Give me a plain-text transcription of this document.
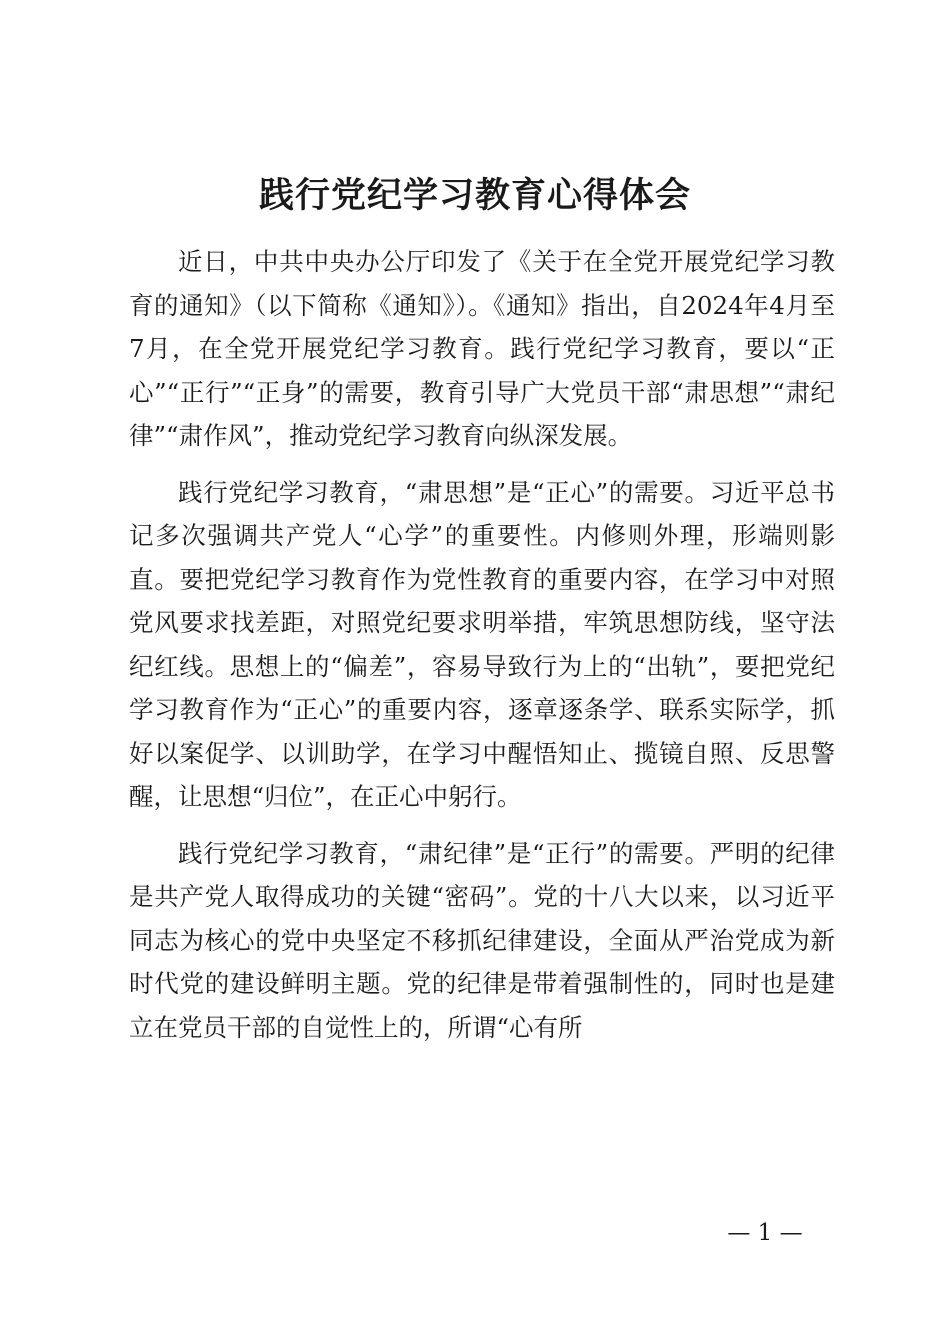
践行党纪学习教育心得体会

近日，中共中央办公厅印发了《关于在全党开展党纪学习教育的通知》（以下简称《通知》）。《通知》指出，自2024年4月至7月，在全党开展党纪学习教育。践行党纪学习教育，要以“正心”“正行”“正身”的需要，教育引导广大党员干部“肃思想”“肃纪律”“肃作风”，推动党纪学习教育向纵深发展。

践行党纪学习教育，“肃思想”是“正心”的需要。习近平总书记多次强调共产党人“心学”的重要性。内修则外理，形端则影直。要把党纪学习教育作为党性教育的重要内容，在学习中对照党风要求找差距，对照党纪要求明举措，牢筑思想防线，坚守法纪红线。思想上的“偏差”，容易导致行为上的“出轨”，要把党纪学习教育作为“正心”的重要内容，逐章逐条学、联系实际学，抓好以案促学、以训助学，在学习中醒悟知止、揽镜自照、反思警醒，让思想“归位”，在正心中躬行。

践行党纪学习教育，“肃纪律”是“正行”的需要。严明的纪律是共产党人取得成功的关键“密码”。党的十八大以来，以习近平同志为核心的党中央坚定不移抓纪律建设，全面从严治党成为新时代党的建设鲜明主题。党的纪律是带着强制性的，同时也是建立在党员干部的自觉性上的，所谓“心有所

— 1 —
